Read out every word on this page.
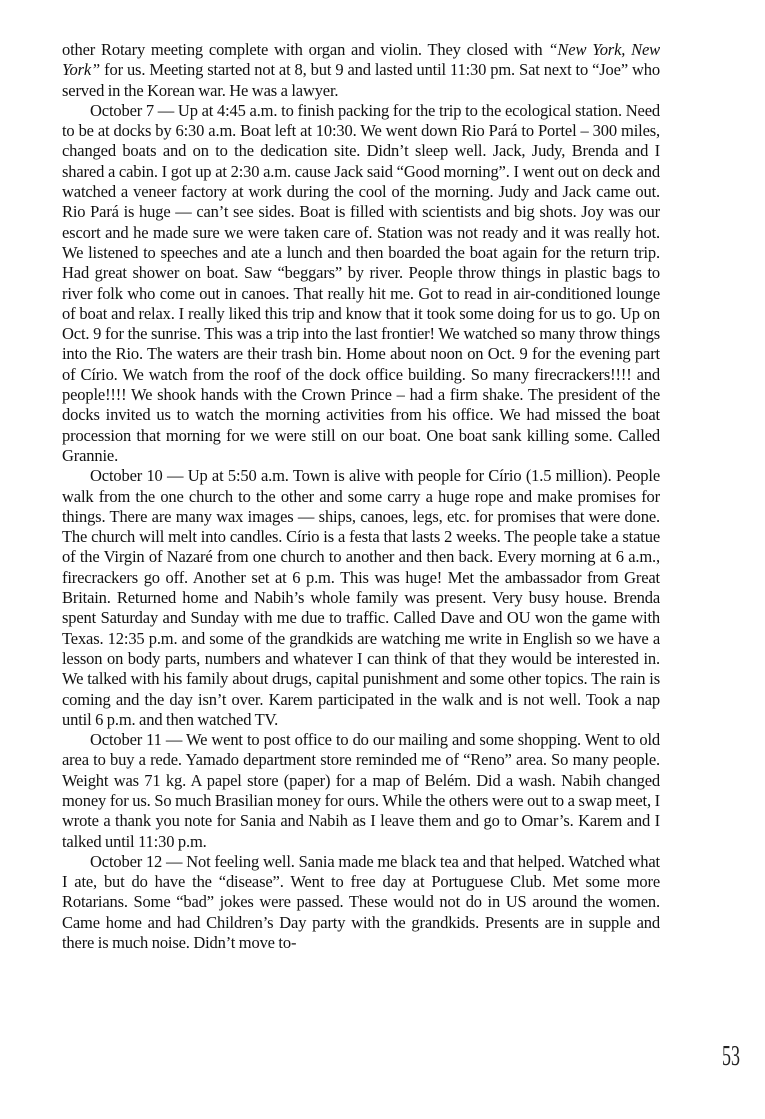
other Rotary meeting complete with organ and violin. They closed with “New York, New York” for us. Meeting started not at 8, but 9 and lasted until 11:30 pm. Sat next to “Joe” who served in the Korean war. He was a lawyer.

October 7 — Up at 4:45 a.m. to finish packing for the trip to the ecological station. Need to be at docks by 6:30 a.m. Boat left at 10:30. We went down Rio Pará to Portel – 300 miles, changed boats and on to the dedication site. Didn’t sleep well. Jack, Judy, Brenda and I shared a cabin. I got up at 2:30 a.m. cause Jack said “Good morning”. I went out on deck and watched a veneer factory at work during the cool of the morning. Judy and Jack came out. Rio Pará is huge — can’t see sides. Boat is filled with scientists and big shots. Joy was our escort and he made sure we were taken care of. Station was not ready and it was really hot. We listened to speeches and ate a lunch and then boarded the boat again for the return trip. Had great shower on boat. Saw “beggars” by river. People throw things in plastic bags to river folk who come out in canoes. That really hit me. Got to read in air-conditioned lounge of boat and relax. I really liked this trip and know that it took some doing for us to go. Up on Oct. 9 for the sunrise. This was a trip into the last frontier! We watched so many throw things into the Rio. The waters are their trash bin. Home about noon on Oct. 9 for the evening part of Círio. We watch from the roof of the dock office building. So many firecrackers!!!! and people!!!! We shook hands with the Crown Prince – had a firm shake. The president of the docks invited us to watch the morning activities from his office. We had missed the boat procession that morning for we were still on our boat. One boat sank killing some. Called Grannie.

October 10 — Up at 5:50 a.m. Town is alive with people for Círio (1.5 million). People walk from the one church to the other and some carry a huge rope and make promises for things. There are many wax images — ships, canoes, legs, etc. for promises that were done. The church will melt into candles. Círio is a festa that lasts 2 weeks. The people take a statue of the Virgin of Nazaré from one church to another and then back. Every morning at 6 a.m., firecrackers go off. Another set at 6 p.m. This was huge! Met the ambassador from Great Britain. Returned home and Nabih’s whole family was present. Very busy house. Brenda spent Saturday and Sunday with me due to traffic. Called Dave and OU won the game with Texas. 12:35 p.m. and some of the grandkids are watching me write in English so we have a lesson on body parts, numbers and whatever I can think of that they would be interested in. We talked with his family about drugs, capital punishment and some other topics. The rain is coming and the day isn’t over. Karem participated in the walk and is not well. Took a nap until 6 p.m. and then watched TV.

October 11 — We went to post office to do our mailing and some shopping. Went to old area to buy a rede. Yamado department store reminded me of “Reno” area. So many people. Weight was 71 kg. A papel store (paper) for a map of Belém. Did a wash. Nabih changed money for us. So much Brasilian money for ours. While the others were out to a swap meet, I wrote a thank you note for Sania and Nabih as I leave them and go to Omar’s. Karem and I talked until 11:30 p.m.

October 12 — Not feeling well. Sania made me black tea and that helped. Watched what I ate, but do have the “disease”. Went to free day at Portuguese Club. Met some more Rotarians. Some “bad” jokes were passed. These would not do in US around the women. Came home and had Children’s Day party with the grandkids. Presents are in supple and there is much noise. Didn’t move to-

53
